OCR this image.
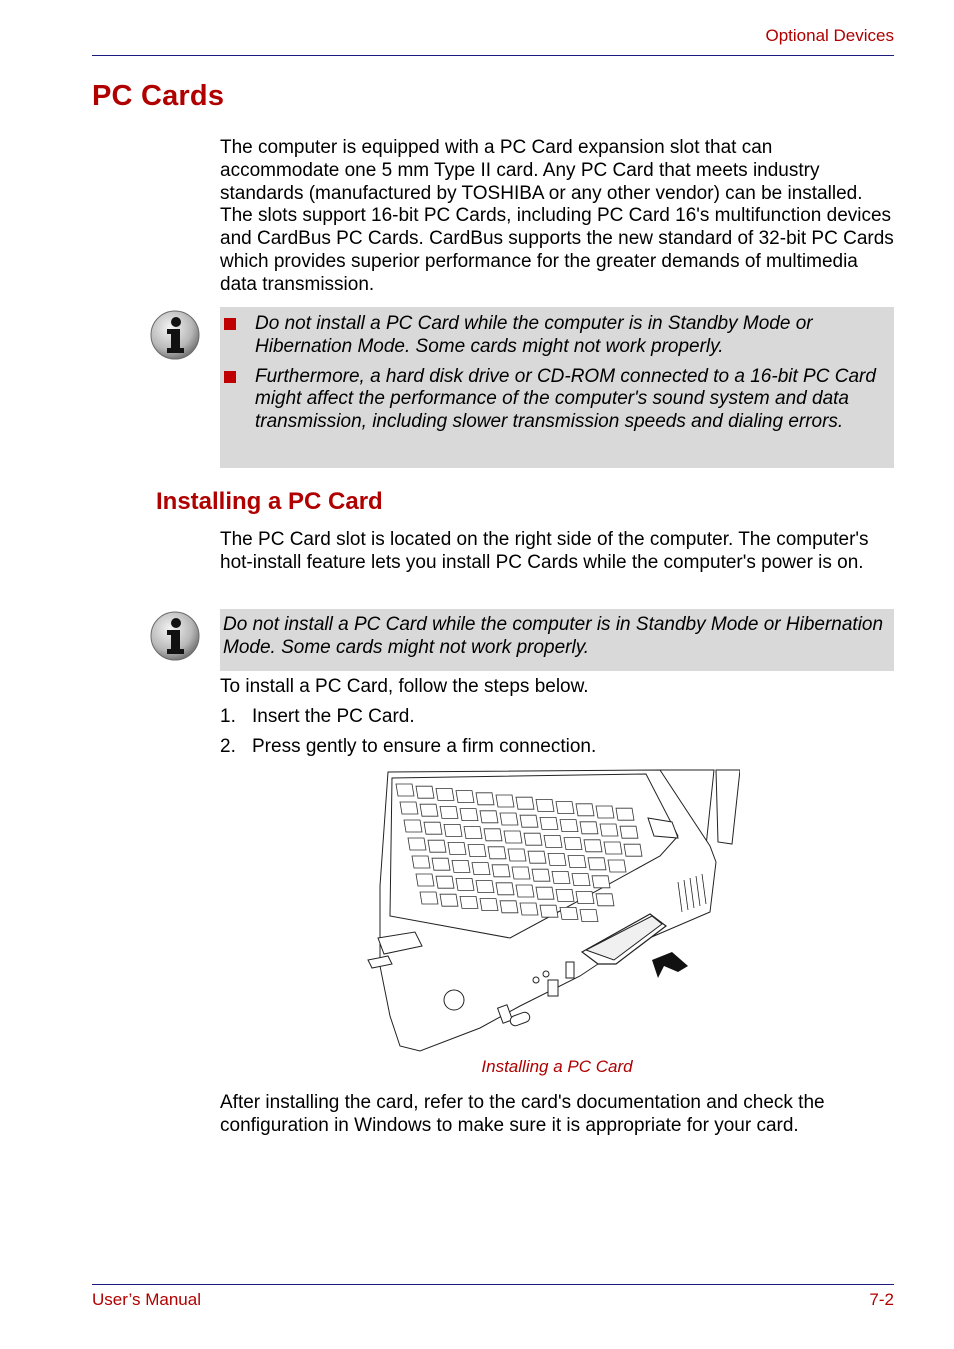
Optional Devices
PC Cards
The computer is equipped with a PC Card expansion slot that can accommodate one 5 mm Type II card. Any PC Card that meets industry standards (manufactured by TOSHIBA or any other vendor) can be installed. The slots support 16-bit PC Cards, including PC Card 16's multifunction devices and CardBus PC Cards. CardBus supports the new standard of 32-bit PC Cards which provides superior performance for the greater demands of multimedia data transmission.
Do not install a PC Card while the computer is in Standby Mode or Hibernation Mode. Some cards might not work properly.
Furthermore, a hard disk drive or CD-ROM connected to a 16-bit PC Card might affect the performance of the computer's sound system and data transmission, including slower transmission speeds and dialing errors.
Installing a PC Card
The PC Card slot is located on the right side of the computer. The computer's hot-install feature lets you install PC Cards while the computer's power is on.
Do not install a PC Card while the computer is in Standby Mode or Hibernation Mode. Some cards might not work properly.
To install a PC Card, follow the steps below.
1. Insert the PC Card.
2. Press gently to ensure a firm connection.
Installing a PC Card
After installing the card, refer to the card's documentation and check the configuration in Windows to make sure it is appropriate for your card.
User’s Manual	7-2
